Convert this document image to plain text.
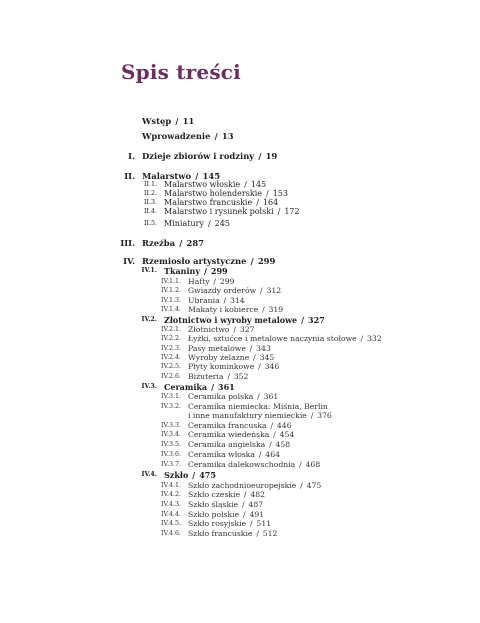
Spis treści
Wstęp / 11
Wprowadzenie / 13
I. Dzieje zbiorów i rodziny / 19
II. Malarstwo / 145
II.1. Malarstwo włoskie / 145
II.2. Malarstwo holenderskie / 153
II.3. Malarstwo francuskie / 164
II.4. Malarstwo i rysunek polski / 172
II.5. Miniatury / 245
III. Rzeźba / 287
IV. Rzemiosło artystyczne / 299
IV.1. Tkaniny / 299
IV.1.1. Hafty / 299
IV.1.2. Gwiazdy orderów / 312
IV.1.3. Ubrania / 314
IV.1.4. Makaty i kobierce / 319
IV.2. Złotnictwo i wyroby metalowe / 327
IV.2.1. Złotnictwo / 327
IV.2.2. Łyżki, sztućce i metalowe naczynia stołowe / 332
IV.2.3. Pasy metalowe / 343
IV.2.4. Wyroby żelazne / 345
IV.2.5. Płyty kominkowe / 346
IV.2.6. Biżuteria / 352
IV.3. Ceramika / 361
IV.3.1. Ceramika polska / 361
IV.3.2. Ceramika niemiecka: Miśnia, Berlin
i inne manufaktury niemieckie / 376
IV.3.3. Ceramika francuska / 446
IV.3.4. Ceramika wiedeńska / 454
IV.3.5. Ceramika angielska / 458
IV.3.6. Ceramika włoska / 464
IV.3.7. Ceramika dalekowschodnia / 468
IV.4. Szkło / 475
IV.4.1. Szkło zachodnioeuropejskie / 475
IV.4.2. Szkło czeskie / 482
IV.4.3. Szkło śląskie / 487
IV.4.4. Szkło polskie / 491
IV.4.5. Szkło rosyjskie / 511
IV.4.6. Szkło francuskie / 512
